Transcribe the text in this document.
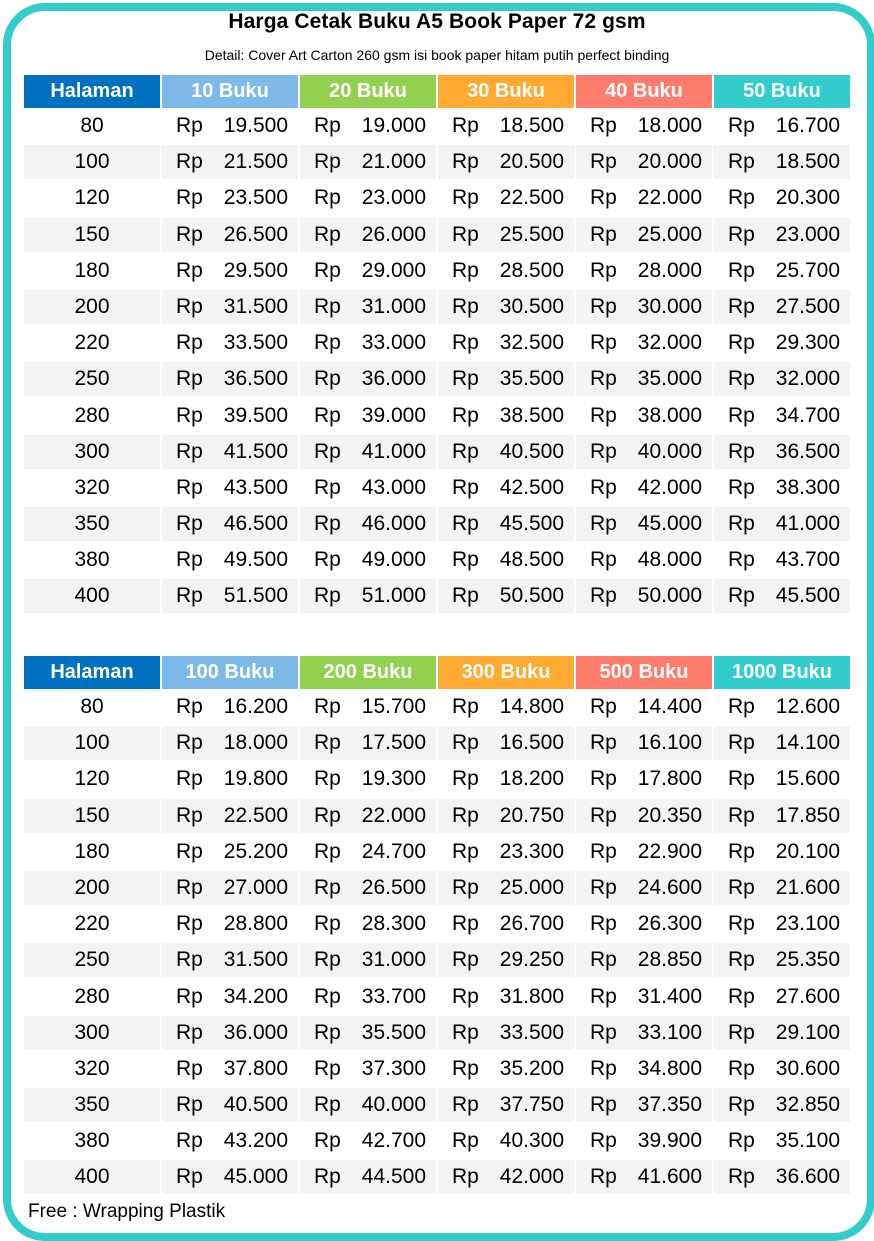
Harga Cetak Buku A5 Book Paper 72 gsm
Detail: Cover Art Carton 260 gsm isi book paper hitam putih perfect binding
Halaman	10 Buku	20 Buku	30 Buku	40 Buku	50 Buku
80	Rp 19.500 Rp 19.000 Rp 18.500 Rp 18.000 Rp 16.700
100	Rp 21.500 Rp 21.000 Rp 20.500 Rp 20.000 Rp 18.500
120	Rp 23.500 Rp 23.000 Rp 22.500 Rp 22.000 Rp 20.300
150	Rp 26.500 Rp 26.000 Rp 25.500 Rp 25.000 Rp 23.000
180	Rp 29.500 Rp 29.000 Rp 28.500 Rp 28.000 Rp 25.700
200	Rp 31.500 Rp 31.000 Rp 30.500 Rp 30.000 Rp 27.500
220	Rp 33.500 Rp 33.000 Rp 32.500 Rp 32.000 Rp 29.300
250	Rp 36.500 Rp 36.000 Rp 35.500 Rp 35.000 Rp 32.000
280	Rp 39.500 Rp 39.000 Rp 38.500 Rp 38.000 Rp 34.700
300	Rp 41.500 Rp 41.000 Rp 40.500 Rp 40.000 Rp 36.500
320	Rp 43.500 Rp 43.000 Rp 42.500 Rp 42.000 Rp 38.300
350	Rp 46.500 Rp 46.000 Rp 45.500 Rp 45.000 Rp 41.000
380	Rp 49.500 Rp 49.000 Rp 48.500 Rp 48.000 Rp 43.700
400	Rp 51.500 Rp 51.000 Rp 50.500 Rp 50.000 Rp 45.500
Halaman	100 Buku	200 Buku	300 Buku	500 Buku	1000 Buku
80	Rp 16.200 Rp 15.700 Rp 14.800 Rp 14.400 Rp 12.600
100	Rp 18.000 Rp 17.500 Rp 16.500 Rp 16.100 Rp 14.100
120	Rp 19.800 Rp 19.300 Rp 18.200 Rp 17.800 Rp 15.600
150	Rp 22.500 Rp 22.000 Rp 20.750 Rp 20.350 Rp 17.850
180	Rp 25.200 Rp 24.700 Rp 23.300 Rp 22.900 Rp 20.100
200	Rp 27.000 Rp 26.500 Rp 25.000 Rp 24.600 Rp 21.600
220	Rp 28.800 Rp 28.300 Rp 26.700 Rp 26.300 Rp 23.100
250	Rp 31.500 Rp 31.000 Rp 29.250 Rp 28.850 Rp 25.350
280	Rp 34.200 Rp 33.700 Rp 31.800 Rp 31.400 Rp 27.600
300	Rp 36.000 Rp 35.500 Rp 33.500 Rp 33.100 Rp 29.100
320	Rp 37.800 Rp 37.300 Rp 35.200 Rp 34.800 Rp 30.600
350	Rp 40.500 Rp 40.000 Rp 37.750 Rp 37.350 Rp 32.850
380	Rp 43.200 Rp 42.700 Rp 40.300 Rp 39.900 Rp 35.100
400	Rp 45.000 Rp 44.500 Rp 42.000 Rp 41.600 Rp 36.600
Free : Wrapping Plastik
